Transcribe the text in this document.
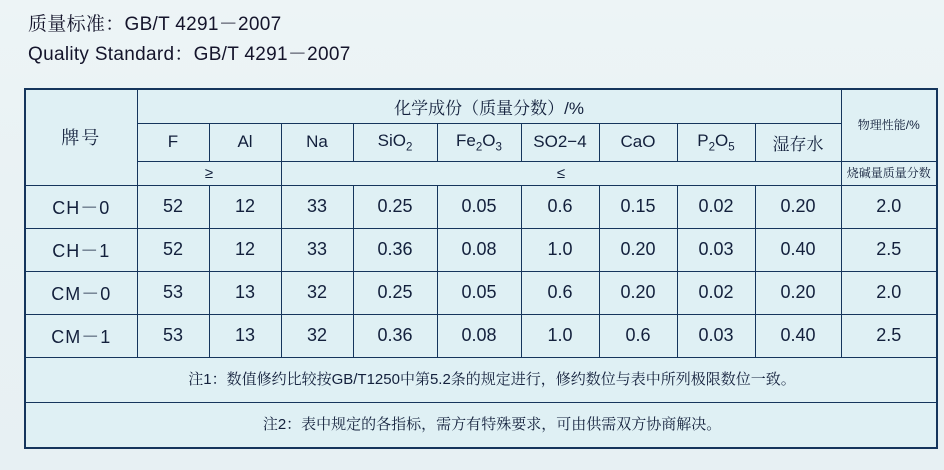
质量标准：GB/T 4291－2007
Quality Standard：GB/T 4291－2007
牌号	化学成份（质量分数）/%									物理性能/%
	F	Al	Na	SiO$_2$	$Fe_2O_3$	SO2−4	CaO	$P_2O_5$	湿存水	
	≥		≤							烧碱量质量分数
CH－0	52	12	33	0.25	0.05	0.6	0.15	0.02	0.20	2.0
CH－1	52	12	33	0.36	0.08	1.0	0.20	0.03	0.40	2.5
CM－0	53	13	32	0.25	0.05	0.6	0.20	0.02	0.20	2.0
CM－1	53	13	32	0.36	0.08	1.0	0.6	0.03	0.40	2.5
注1：数值修约比较按GB/T1250中第5.2条的规定进行，修约数位与表中所列极限数位一致。										
注2：表中规定的各指标，需方有特殊要求，可由供需双方协商解决。										
